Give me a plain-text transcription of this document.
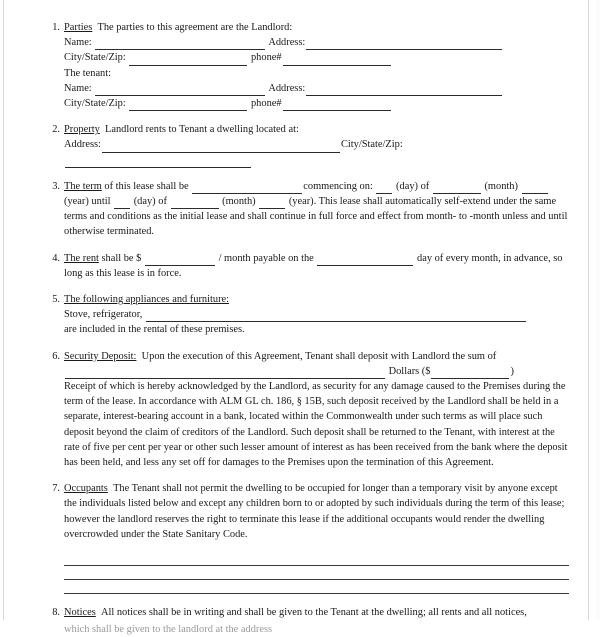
1. Parties The parties to this agreement are the Landlord:
Name:	Address:
City/State/Zip:	phone#
The tenant:
Name:	Address:
City/State/Zip:	phone#
2. Property Landlord rents to Tenant a dwelling located at:
Address:	City/State/Zip:
3. The term of this lease shall be	commencing on: (day) of	(month)  (year) until (day) of	(month)	(year). This lease shall automatically self-extend under the same terms and conditions as the initial lease and shall continue in full force and effect from month- to -month unless and until otherwise terminated.
4. The rent shall be $	/ month payable on the	day of every month, in advance, so long as this lease is in force.
5. The following appliances and furniture:
Stove, refrigerator,
are included in the rental of these premises.
6. Security Deposit: Upon the execution of this Agreement, Tenant shall deposit with Landlord the sum of
Dollars ($	)
Receipt of which is hereby acknowledged by the Landlord, as security for any damage caused to the Premises during the term of the lease. In accordance with ALM GL ch. 186, § 15B, such deposit received by the Landlord shall be held in a separate, interest-bearing account in a bank, located within the Commonwealth under such terms as will place such deposit beyond the claim of creditors of the Landlord. Such deposit shall be returned to the Tenant, with interest at the rate of five per cent per year or other such lesser amount of interest as has been received from the bank where the deposit has been held, and less any set off for damages to the Premises upon the termination of this Agreement.
7. Occupants The Tenant shall not permit the dwelling to be occupied for longer than a temporary visit by anyone except the individuals listed below and except any children born to or adopted by such individuals during the term of this lease; however the landlord reserves the right to terminate this lease if the additional occupants would render the dwelling overcrowded under the State Sanitary Code.
8. Notices All notices shall be in writing and shall be given to the Tenant at the dwelling; all rents and all notices,
which shall be given to the landlord at the address
